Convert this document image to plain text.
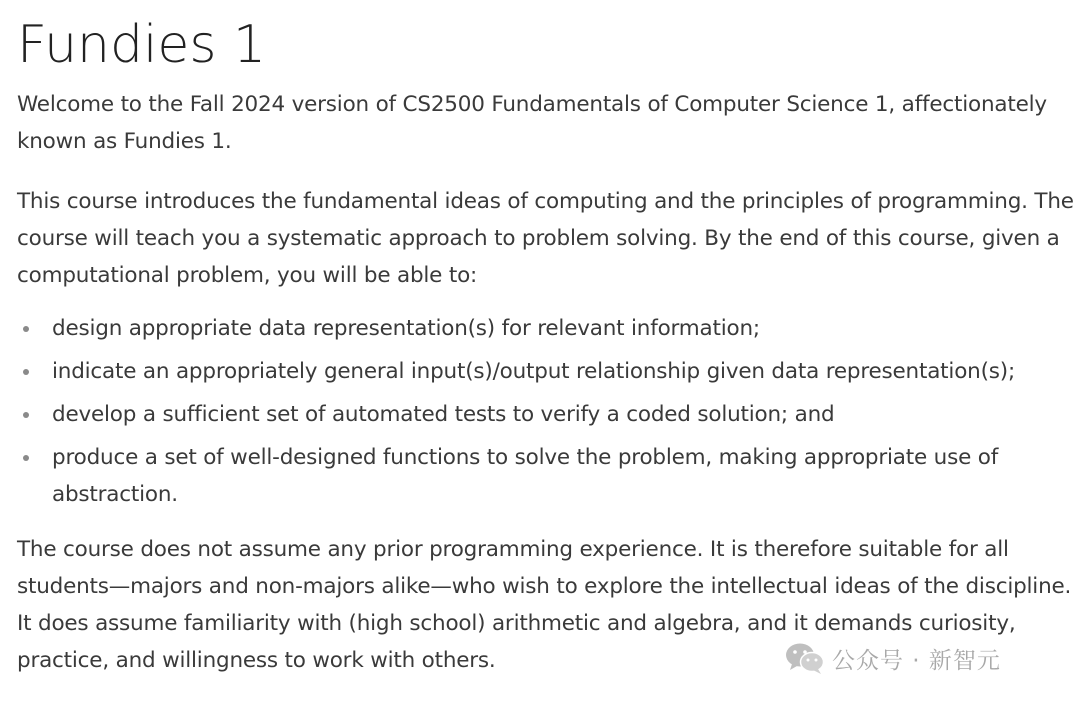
Fundies 1

Welcome to the Fall 2024 version of CS2500 Fundamentals of Computer Science 1, affectionately known as Fundies 1.

This course introduces the fundamental ideas of computing and the principles of programming. The course will teach you a systematic approach to problem solving. By the end of this course, given a computational problem, you will be able to:

design appropriate data representation(s) for relevant information;
indicate an appropriately general input(s)/output relationship given data representation(s);
develop a sufficient set of automated tests to verify a coded solution; and
produce a set of well-designed functions to solve the problem, making appropriate use of abstraction.

The course does not assume any prior programming experience. It is therefore suitable for all students—majors and non-majors alike—who wish to explore the intellectual ideas of the discipline. It does assume familiarity with (high school) arithmetic and algebra, and it demands curiosity, practice, and willingness to work with others.	公众号 · 新智元
